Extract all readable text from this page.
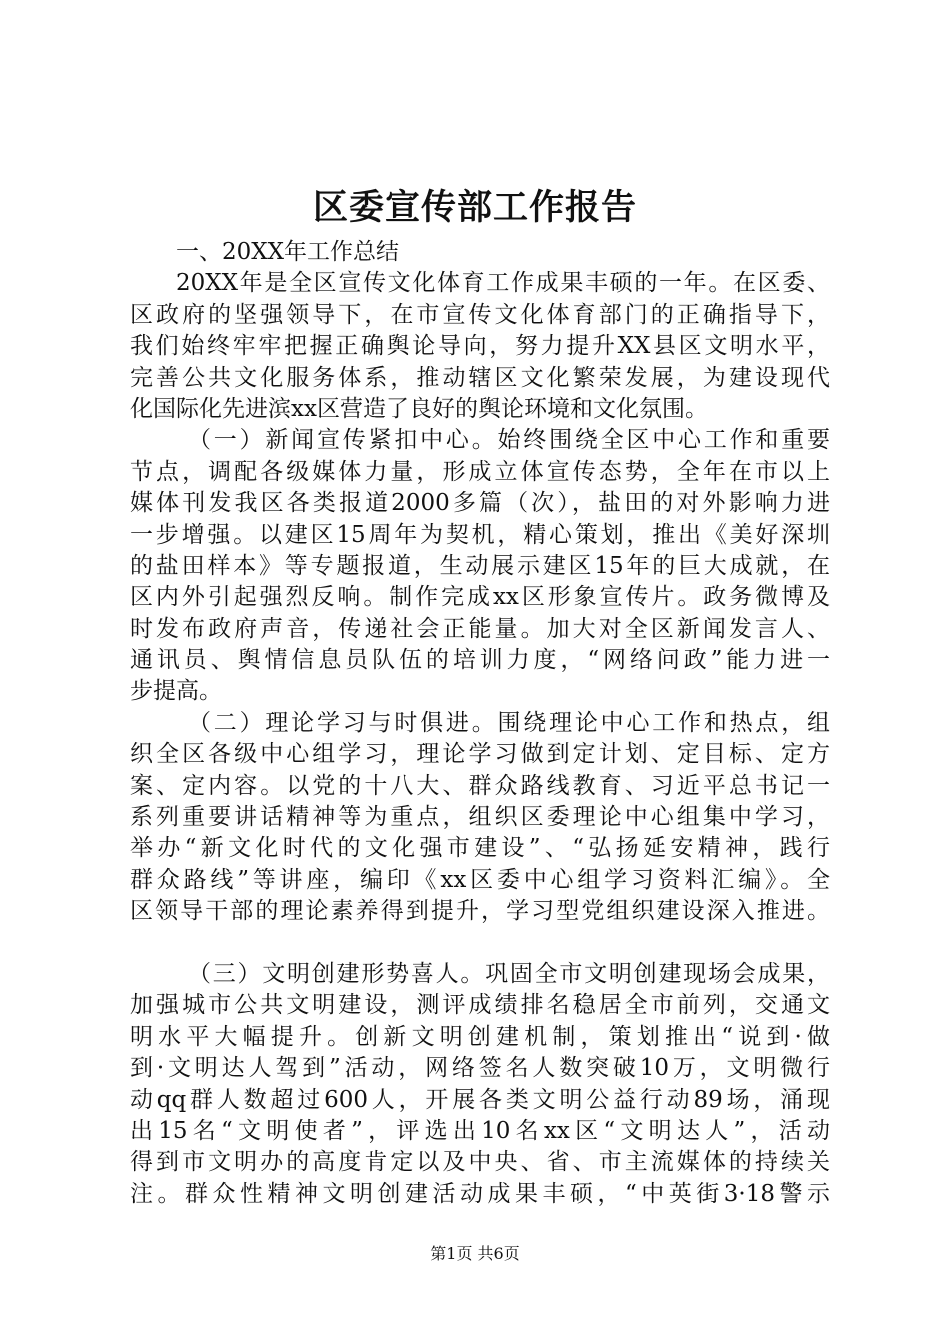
区委宣传部工作报告
一、20XX年工作总结
20XX年是全区宣传文化体育工作成果丰硕的一年。在区委、
区政府的坚强领导下，在市宣传文化体育部门的正确指导下，
我们始终牢牢把握正确舆论导向，努力提升XX县区文明水平，
完善公共文化服务体系，推动辖区文化繁荣发展，为建设现代
化国际化先进滨xx区营造了良好的舆论环境和文化氛围。
（一）新闻宣传紧扣中心。始终围绕全区中心工作和重要
节点，调配各级媒体力量，形成立体宣传态势，全年在市以上
媒体刊发我区各类报道2000多篇（次），盐田的对外影响力进
一步增强。以建区15周年为契机，精心策划，推出《美好深圳
的盐田样本》等专题报道，生动展示建区15年的巨大成就，在
区内外引起强烈反响。制作完成xx区形象宣传片。政务微博及
时发布政府声音，传递社会正能量。加大对全区新闻发言人、
通讯员、舆情信息员队伍的培训力度，“网络问政”能力进一
步提高。
（二）理论学习与时俱进。围绕理论中心工作和热点，组
织全区各级中心组学习，理论学习做到定计划、定目标、定方
案、定内容。以党的十八大、群众路线教育、习近平总书记一
系列重要讲话精神等为重点，组织区委理论中心组集中学习，
举办“新文化时代的文化强市建设”、“弘扬延安精神，践行
群众路线”等讲座，编印《xx区委中心组学习资料汇编》。全
区领导干部的理论素养得到提升，学习型党组织建设深入推进。
（三）文明创建形势喜人。巩固全市文明创建现场会成果，
加强城市公共文明建设，测评成绩排名稳居全市前列，交通文
明水平大幅提升。创新文明创建机制，策划推出“说到·做
到·文明达人驾到”活动，网络签名人数突破10万，文明微行
动qq群人数超过600人，开展各类文明公益行动89场，涌现
出15名“文明使者”，评选出10名xx区“文明达人”，活动
得到市文明办的高度肯定以及中央、省、市主流媒体的持续关
注。群众性精神文明创建活动成果丰硕，“中英街3·18警示
第1页 共6页
